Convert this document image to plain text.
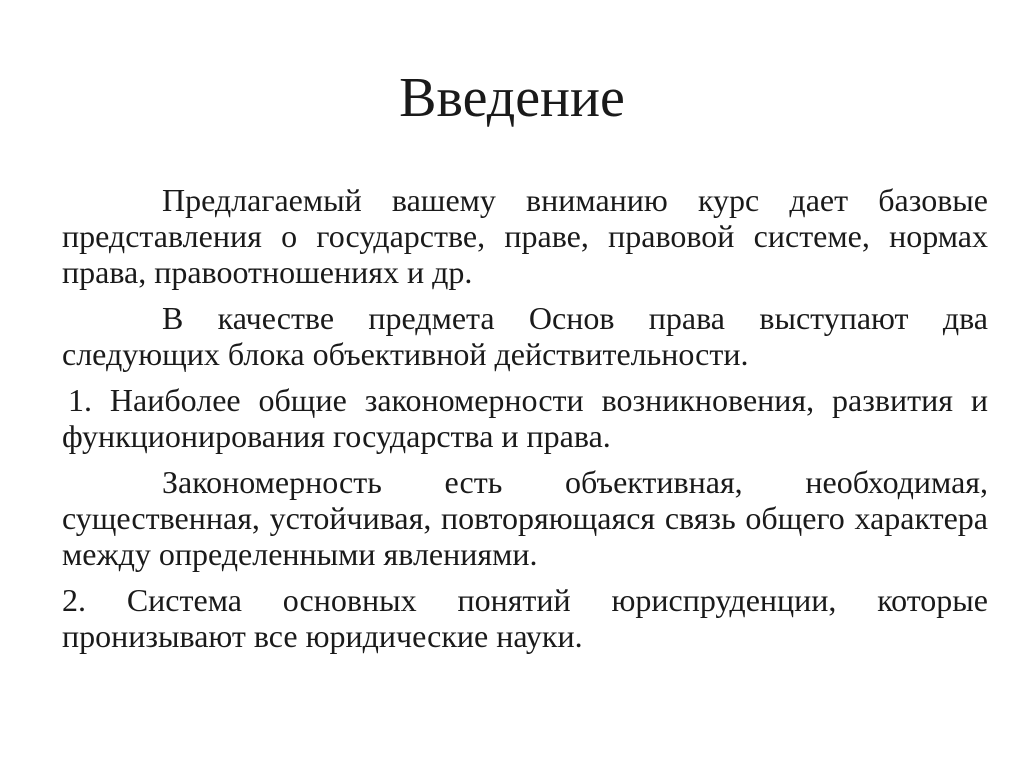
Введение

Предлагаемый вашему вниманию курс дает базовые представления о государстве, праве, правовой системе, нормах права, правоотношениях и др.

В качестве предмета Основ права выступают два следующих блока объективной действительности.

1. Наиболее общие закономерности возникновения, развития и функционирования государства и права.

Закономерность есть объективная, необходимая, существенная, устойчивая, повторяющаяся связь общего характера между определенными явлениями.

2. Система основных понятий юриспруденции, которые пронизывают все юридические науки.
